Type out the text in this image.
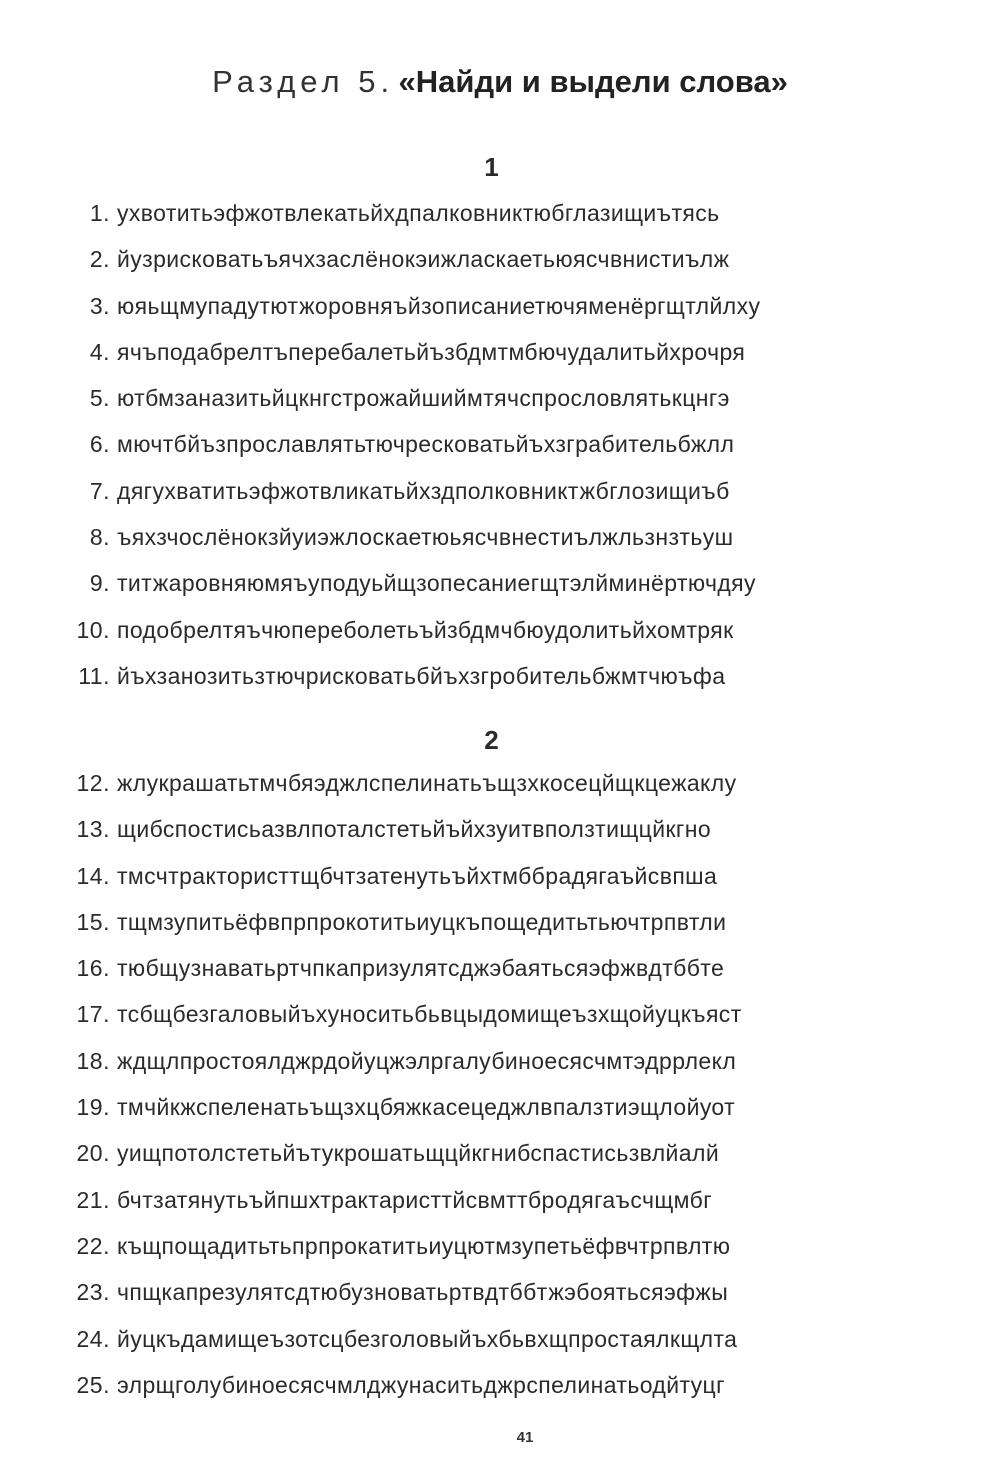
Раздел 5. «Найди и выдели слова»
1
1. ухвотитьэфжотвлекатьйхдпалковниктюбглазищиътясь
2. йузрисковатьъячхзаслёнокэижласкаетьюясчвнистиълж
3. юяьщмупадутютжоровняъйзописаниетючяменёргщтлйлху
4. ячъподабрелтъперебалетьйъзбдмтмбючудалитьйхрочря
5. ютбмзаназитьйцкнгстрожайшиймтячспрословлятькцнгэ
6. мючтбйъзпрославлятьтючресковатьйъхзграбительбжлл
7. дягухватитьэфжотвликатьйхздполковниктжбглозищиъб
8. ъяхзчослёнокзйуиэжлоскаетюьясчвнестиължльзнзтьуш
9. титжаровняюмяъуподуьйщзопесаниегщтэлйминёртючдяу
10. подобрелтяъчюпереболетьъйзбдмчбюудолитьйхомтряк
11. йъхзанозитьзтючрисковатьбйъхзгробительбжмтчюъфа
2
12. жлукрашатьтмчбяэджлспелинатьъщзхкосецйщкцежаклу
13. щибспостисьазвлпоталстетьйъйхзуитвползтищцйкгно
14. тмсчтрактористтщбчтзатенутьъйхтмббрадягаъйсвпша
15. тщмзупитьёфвпрпрокотитьиуцкъпощедитьтьючтрпвтли
16. тюбщузнаватьртчпкапризулятсджэбаятьсяэфжвдтббте
17. тсбщбезгаловыйъхуноситьбьвцыдомищеъзхщойуцкъяст
18. ждщлпростоялджрдойуцжэлргалубиноесясчмтэдррлекл
19. тмчйкжспеленатьъщзхцбяжкасецеджлвпалзтиэщлойуот
20. уищпотолстетьйътукрошатьщцйкгнибспастисьзвлйалй
21. бчтзатянутьъйпшхтрактаристтйсвмттбродягаъсчщмбг
22. къщпощадитьтьпрпрокатитьиуцютмзупетьёфвчтрпвлтю
23. чпщкапрезулятсдтюбузноватьртвдтббтжэбоятьсяэфжы
24. йуцкъдамищеъзотсцбезголовыйъхбьвхщпростаялкщлта
25. элрщголубиноесясчмлджунаситьджрспелинатьодйтуцг
41
